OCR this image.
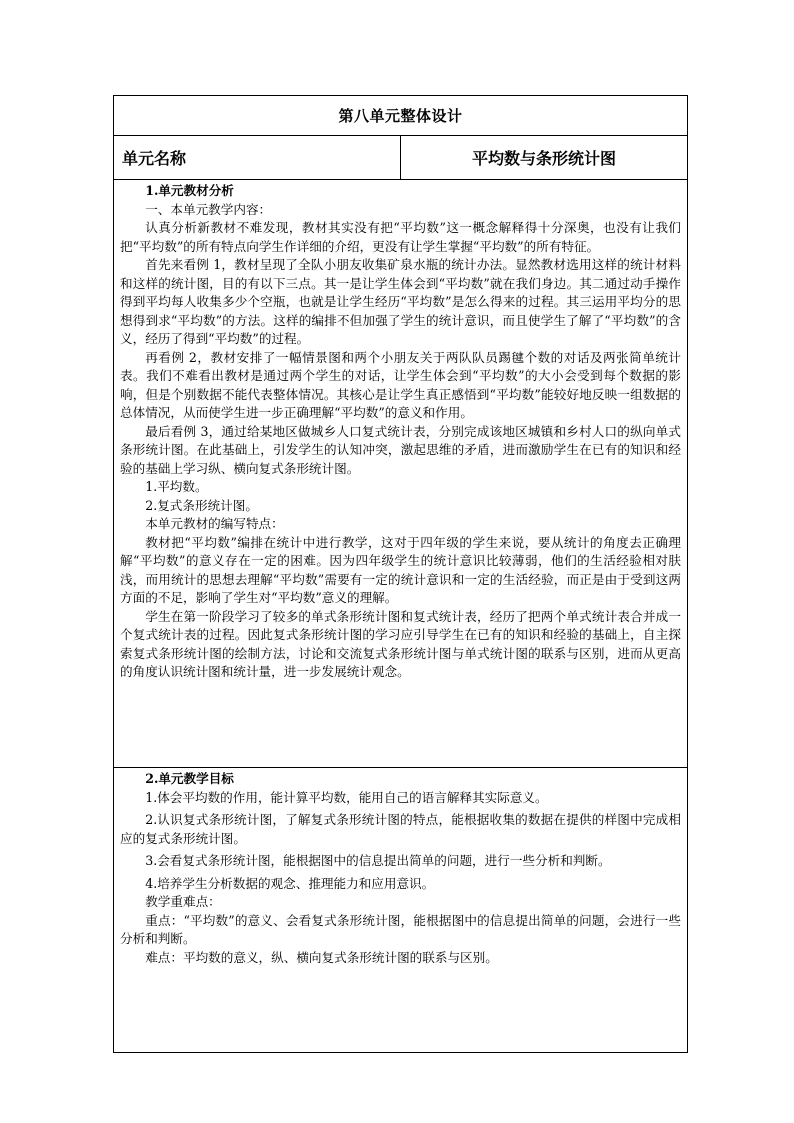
第八单元整体设计
单元名称	平均数与条形统计图

1.单元教材分析

一、本单元教学内容：

认真分析新教材不难发现，教材其实没有把“平均数”这一概念解释得十分深奥，也没有让我们把“平均数”的所有特点向学生作详细的介绍，更没有让学生掌握“平均数”的所有特征。

首先来看例 1，教材呈现了全队小朋友收集矿泉水瓶的统计办法。显然教材选用这样的统计材料和这样的统计图，目的有以下三点。其一是让学生体会到“平均数”就在我们身边。其二通过动手操作得到平均每人收集多少个空瓶，也就是让学生经历“平均数”是怎么得来的过程。其三运用平均分的思想得到求“平均数”的方法。这样的编排不但加强了学生的统计意识，而且使学生了解了“平均数”的含义，经历了得到“平均数”的过程。

再看例 2，教材安排了一幅情景图和两个小朋友关于两队队员踢毽个数的对话及两张简单统计表。我们不难看出教材是通过两个学生的对话，让学生体会到“平均数”的大小会受到每个数据的影响，但是个别数据不能代表整体情况。其核心是让学生真正感悟到“平均数”能较好地反映一组数据的总体情况，从而使学生进一步正确理解“平均数”的意义和作用。

最后看例 3，通过给某地区做城乡人口复式统计表，分别完成该地区城镇和乡村人口的纵向单式条形统计图。在此基础上，引发学生的认知冲突，激起思维的矛盾，进而激励学生在已有的知识和经验的基础上学习纵、横向复式条形统计图。

1.平均数。

2.复式条形统计图。

本单元教材的编写特点：

教材把“平均数”编排在统计中进行教学，这对于四年级的学生来说，要从统计的角度去正确理解“平均数”的意义存在一定的困难。因为四年级学生的统计意识比较薄弱，他们的生活经验相对肤浅，而用统计的思想去理解“平均数”需要有一定的统计意识和一定的生活经验，而正是由于受到这两方面的不足，影响了学生对“平均数”意义的理解。

学生在第一阶段学习了较多的单式条形统计图和复式统计表，经历了把两个单式统计表合并成一个复式统计表的过程。因此复式条形统计图的学习应引导学生在已有的知识和经验的基础上，自主探索复式条形统计图的绘制方法，讨论和交流复式条形统计图与单式统计图的联系与区别，进而从更高的角度认识统计图和统计量，进一步发展统计观念。

2.单元教学目标

1.体会平均数的作用，能计算平均数，能用自己的语言解释其实际意义。

2.认识复式条形统计图，了解复式条形统计图的特点，能根据收集的数据在提供的样图中完成相应的复式条形统计图。

3.会看复式条形统计图，能根据图中的信息提出简单的问题，进行一些分析和判断。

4.培养学生分析数据的观念、推理能力和应用意识。

教学重难点：

重点：“平均数”的意义、会看复式条形统计图，能根据图中的信息提出简单的问题，会进行一些分析和判断。

难点：平均数的意义，纵、横向复式条形统计图的联系与区别。
